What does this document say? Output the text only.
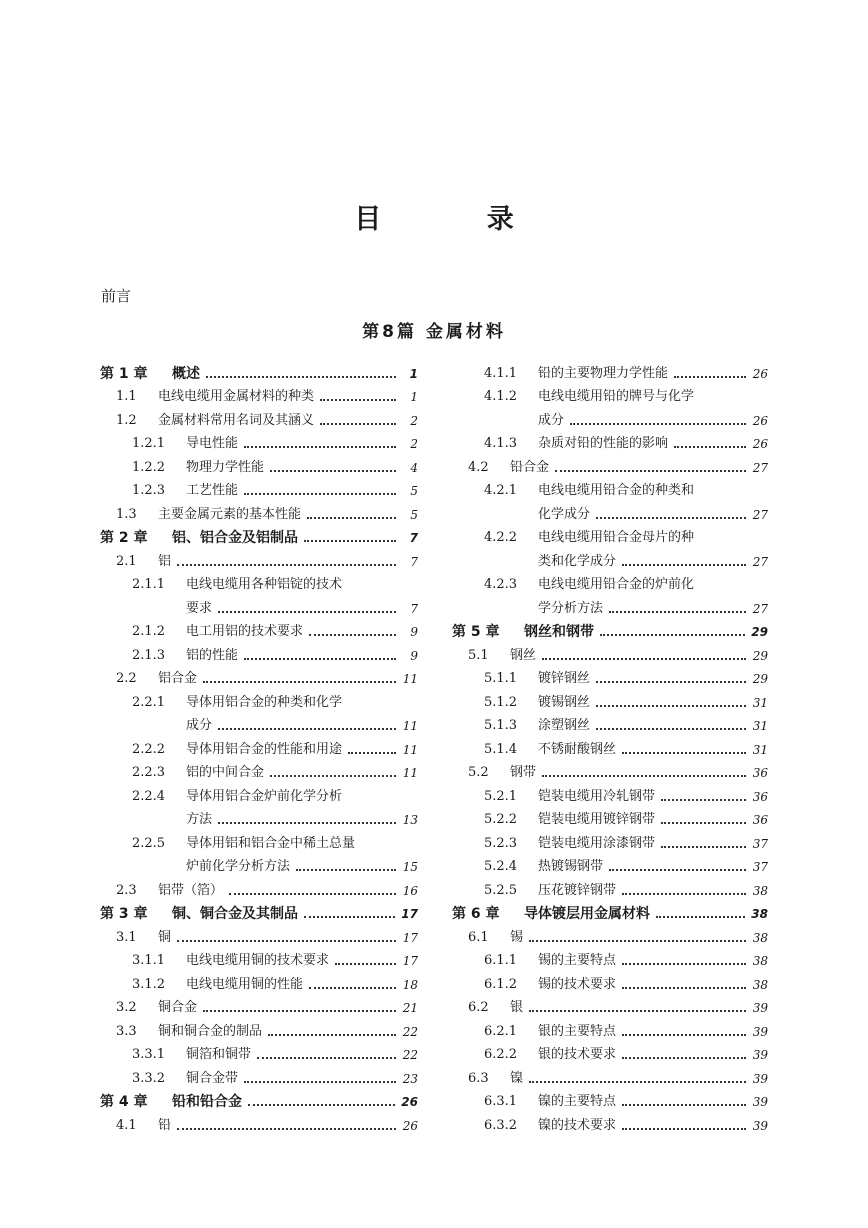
目 录
前言
第8篇 金属材料
第 1 章	概述	1
1.1	电线电缆用金属材料的种类	1
1.2	金属材料常用名词及其涵义	2
1.2.1	导电性能	2
1.2.2	物理力学性能	4
1.2.3	工艺性能	5
1.3	主要金属元素的基本性能	5
第 2 章	铝、铝合金及铝制品	7
2.1	铝	7
2.1.1	电线电缆用各种铝锭的技术
要求	7
2.1.2	电工用铝的技术要求	9
2.1.3	铝的性能	9
2.2	铝合金	11
2.2.1	导体用铝合金的种类和化学
成分	11
2.2.2	导体用铝合金的性能和用途	11
2.2.3	铝的中间合金	11
2.2.4	导体用铝合金炉前化学分析
方法	13
2.2.5	导体用铝和铝合金中稀土总量
炉前化学分析方法	15
2.3	铝带（箔）	16
第 3 章	铜、铜合金及其制品	17
3.1	铜	17
3.1.1	电线电缆用铜的技术要求	17
3.1.2	电线电缆用铜的性能	18
3.2	铜合金	21
3.3	铜和铜合金的制品	22
3.3.1	铜箔和铜带	22
3.3.2	铜合金带	23
第 4 章	铅和铅合金	26
4.1	铅	26
4.1.1	铅的主要物理力学性能	26
4.1.2	电线电缆用铅的牌号与化学
成分	26
4.1.3	杂质对铅的性能的影响	26
4.2	铅合金	27
4.2.1	电线电缆用铅合金的种类和
化学成分	27
4.2.2	电线电缆用铅合金母片的种
类和化学成分	27
4.2.3	电线电缆用铅合金的炉前化
学分析方法	27
第 5 章	钢丝和钢带	29
5.1	钢丝	29
5.1.1	镀锌钢丝	29
5.1.2	镀锡钢丝	31
5.1.3	涂塑钢丝	31
5.1.4	不锈耐酸钢丝	31
5.2	钢带	36
5.2.1	铠装电缆用冷轧钢带	36
5.2.2	铠装电缆用镀锌钢带	36
5.2.3	铠装电缆用涂漆钢带	37
5.2.4	热镀锡钢带	37
5.2.5	压花镀锌钢带	38
第 6 章	导体镀层用金属材料	38
6.1	锡	38
6.1.1	锡的主要特点	38
6.1.2	锡的技术要求	38
6.2	银	39
6.2.1	银的主要特点	39
6.2.2	银的技术要求	39
6.3	镍	39
6.3.1	镍的主要特点	39
6.3.2	镍的技术要求	39
